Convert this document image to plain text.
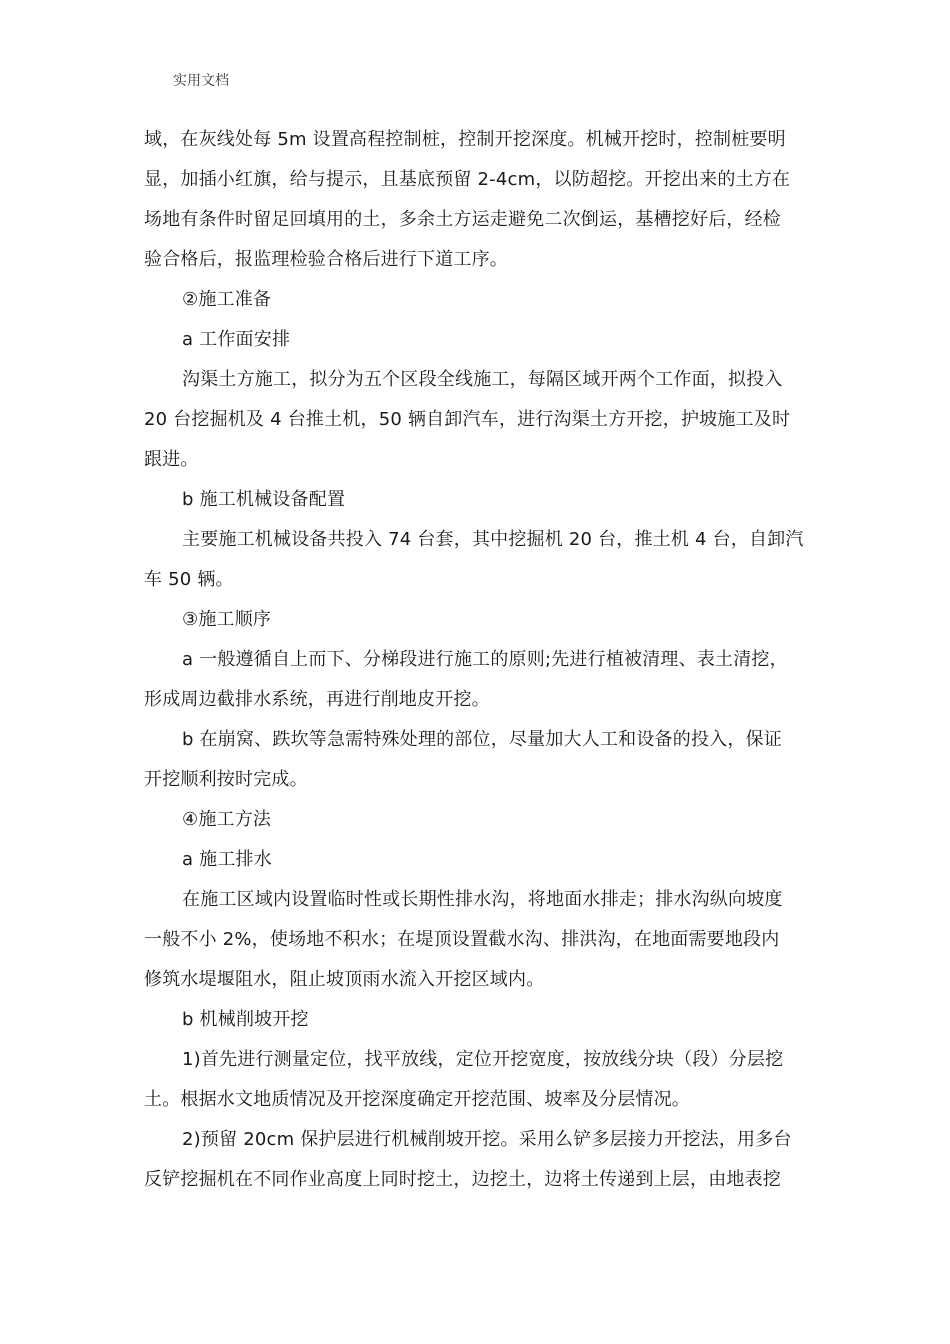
实用文档
域，在灰线处每 5m 设置高程控制桩，控制开挖深度。机械开挖时，控制桩要明
显，加插小红旗，给与提示，且基底预留 2-4cm，以防超挖。开挖出来的土方在
场地有条件时留足回填用的土，多余土方运走避免二次倒运，基槽挖好后，经检
验合格后，报监理检验合格后进行下道工序。
②施工准备
a 工作面安排
沟渠土方施工，拟分为五个区段全线施工，每隔区域开两个工作面，拟投入
20 台挖掘机及 4 台推土机，50 辆自卸汽车，进行沟渠土方开挖，护坡施工及时
跟进。
b 施工机械设备配置
主要施工机械设备共投入 74 台套，其中挖掘机 20 台，推土机 4 台，自卸汽
车 50 辆。
③施工顺序
a 一般遵循自上而下、分梯段进行施工的原则;先进行植被清理、表土清挖，
形成周边截排水系统，再进行削地皮开挖。
b 在崩窝、跌坎等急需特殊处理的部位，尽量加大人工和设备的投入，保证
开挖顺利按时完成。
④施工方法
a 施工排水
在施工区域内设置临时性或长期性排水沟，将地面水排走；排水沟纵向坡度
一般不小 2%，使场地不积水；在堤顶设置截水沟、排洪沟，在地面需要地段内
修筑水堤堰阻水，阻止坡顶雨水流入开挖区域内。
b 机械削坡开挖
1)首先进行测量定位，找平放线，定位开挖宽度，按放线分块（段）分层挖
土。根据水文地质情况及开挖深度确定开挖范围、坡率及分层情况。
2)预留 20cm 保护层进行机械削坡开挖。采用么铲多层接力开挖法，用多台
反铲挖掘机在不同作业高度上同时挖土，边挖土，边将土传递到上层，由地表挖
